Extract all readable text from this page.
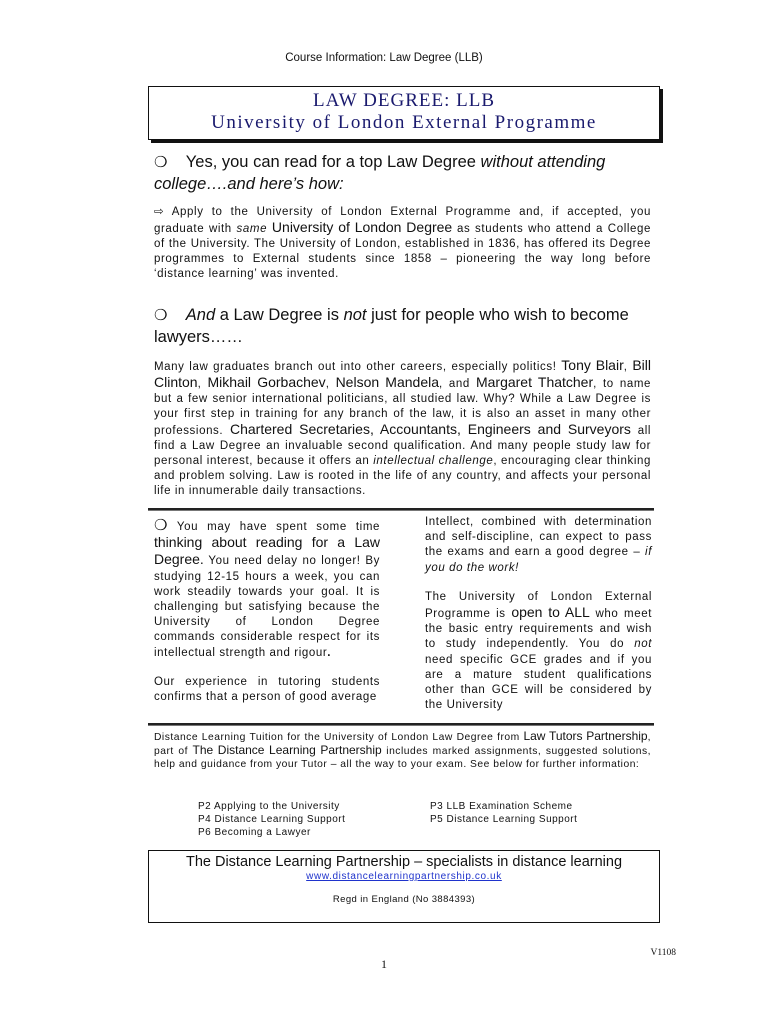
Course Information: Law Degree (LLB)
LAW DEGREE: LLB
University of London External Programme
❍ Yes, you can read for a top Law Degree without attending college….and here’s how:
⇨ Apply to the University of London External Programme and, if accepted, you graduate with same University of London Degree as students who attend a College of the University. The University of London, established in 1836, has offered its Degree programmes to External students since 1858 – pioneering the way long before ‘distance learning’ was invented.
❍ And a Law Degree is not just for people who wish to become lawyers……
Many law graduates branch out into other careers, especially politics! Tony Blair, Bill Clinton, Mikhail Gorbachev, Nelson Mandela, and Margaret Thatcher, to name but a few senior international politicians, all studied law. Why? While a Law Degree is your first step in training for any branch of the law, it is also an asset in many other professions. Chartered Secretaries, Accountants, Engineers and Surveyors all find a Law Degree an invaluable second qualification. And many people study law for personal interest, because it offers an intellectual challenge, encouraging clear thinking and problem solving. Law is rooted in the life of any country, and affects your personal life in innumerable daily transactions.

❍ You may have spent some time thinking about reading for a Law Degree. You need delay no longer! By studying 12-15 hours a week, you can work steadily towards your goal. It is challenging but satisfying because the University of London Degree commands considerable respect for its intellectual strength and rigour.

Our experience in tutoring students confirms that a person of good average

Intellect, combined with determination and self-discipline, can expect to pass the exams and earn a good degree – if you do the work!

The University of London External Programme is open to ALL who meet the basic entry requirements and wish to study independently. You do not need specific GCE grades and if you are a mature student qualifications other than GCE will be considered by the University

Distance Learning Tuition for the University of London Law Degree from Law Tutors Partnership, part of The Distance Learning Partnership includes marked assignments, suggested solutions, help and guidance from your Tutor – all the way to your exam. See below for further information:
P2 Applying to the University	P3 LLB Examination Scheme
P4 Distance Learning Support	P5 Distance Learning Support
P6 Becoming a Lawyer
The Distance Learning Partnership – specialists in distance learning
www.distancelearningpartnership.co.uk
Regd in England (No 3884393)
V1108
1
